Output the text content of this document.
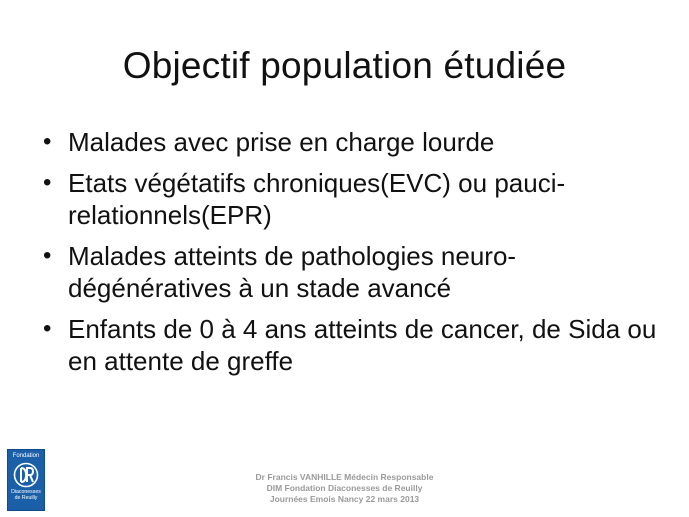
Objectif population étudiée
• Malades avec prise en charge lourde
• Etats végétatifs chroniques(EVC) ou pauci-relationnels(EPR)
• Malades atteints de pathologies neuro-dégénératives à un stade avancé
• Enfants de 0 à 4 ans atteints de cancer, de Sida ou en attente de greffe
Fondation
Diaconesses
de Reuilly
Dr Francis VANHILLE Médecin Responsable
DIM Fondation Diaconesses de Reuilly
Journées Emois Nancy 22 mars 2013
